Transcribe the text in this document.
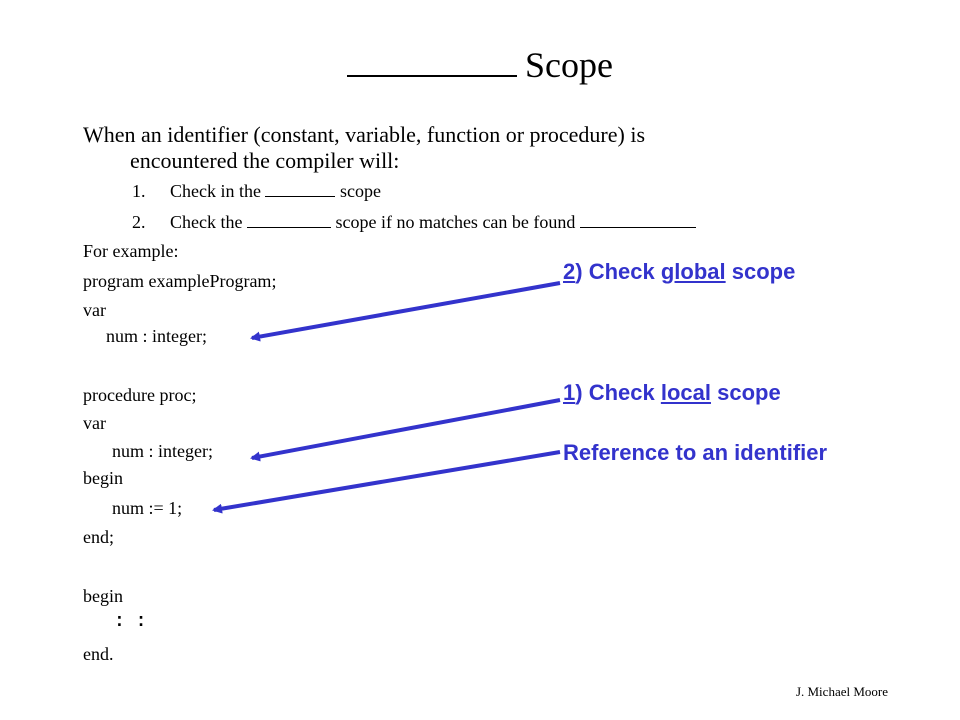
Scope
When an identifier (constant, variable, function or procedure) is
encountered the compiler will:
1. Check in the	scope
2. Check the	scope if no matches can be found
For example:
program exampleProgram;
var
num : integer;
procedure proc;
var
num : integer;
begin
num := 1;
end;
begin
: :
end.
2) Check global scope
1) Check local scope
Reference to an identifier
J. Michael Moore
